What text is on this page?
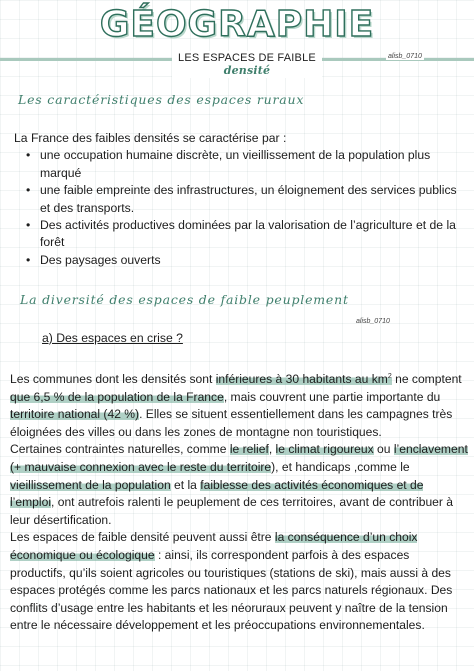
GÉOGRAPHIE
LES ESPACES DE FAIBLE densité
alisb_0710
Les caractéristiques des espaces ruraux

La France des faibles densités se caractérise par :

• une occupation humaine discrète, un vieillissement de la population plus marqué
• une faible empreinte des infrastructures, un éloignement des services publics et des transports.
• Des activités productives dominées par la valorisation de l’agriculture et de la forêt
• Des paysages ouverts
La diversité des espaces de faible peuplement
alisb_0710
a) Des espaces en crise ?
Les communes dont les densités sont inférieures à 30 habitants au $km^2$ ne comptent que 6,5 % de la population de la France, mais couvrent une partie importante du territoire national (42 %). Elles se situent essentiellement dans les campagnes très éloignées des villes ou dans les zones de montagne non touristiques.
Certaines contraintes naturelles, comme le relief, le climat rigoureux ou l’enclavement (+ mauvaise connexion avec le reste du territoire), et handicaps ,comme le vieillissement de la population et la faiblesse des activités économiques et de l’emploi, ont autrefois ralenti le peuplement de ces territoires, avant de contribuer à leur désertification.
Les espaces de faible densité peuvent aussi être la conséquence d’un choix économique ou écologique : ainsi, ils correspondent parfois à des espaces productifs, qu’ils soient agricoles ou touristiques (stations de ski), mais aussi à des espaces protégés comme les parcs nationaux et les parcs naturels régionaux. Des conflits d’usage entre les habitants et les néoruraux peuvent y naître de la tension entre le nécessaire développement et les préoccupations environnementales.
